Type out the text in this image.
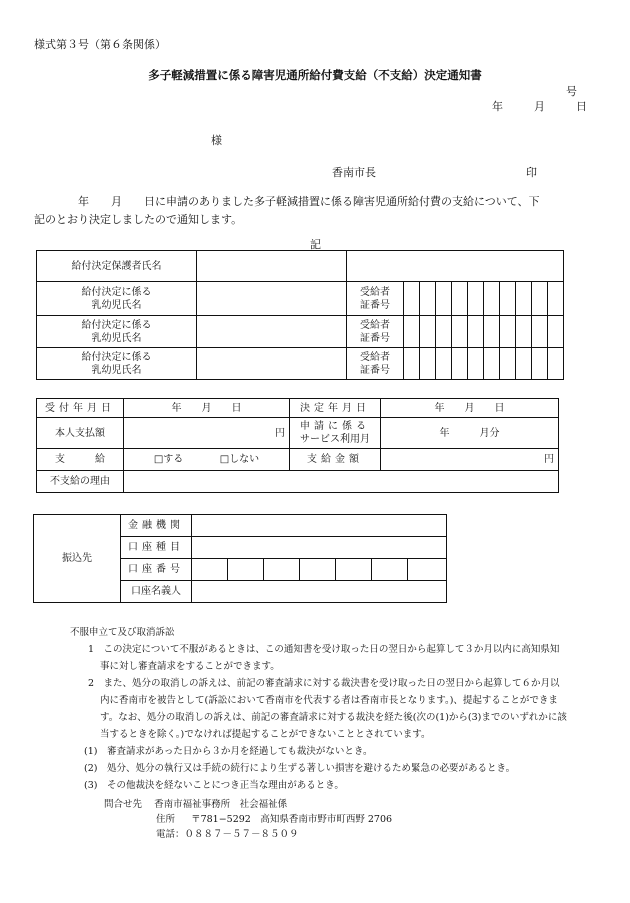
様式第３号（第６条関係）
多子軽減措置に係る障害児通所給付費支給（不支給）決定通知書
号
年	月	日
様
香南市長	印
年　　月　　日に申請のありました多子軽減措置に係る障害児通所給付費の支給について、下
記のとおり決定しましたので通知します。
記
給付決定保護者氏名												
給付決定に係る
乳幼児氏名		受給者
証番号										
給付決定に係る
乳幼児氏名		受給者
証番号										
給付決定に係る
乳幼児氏名		受給者
証番号										
受付年月日	年　　月　　日	決定年月日	年　　月　　日
本人支払額	円	申請に係る
サービス利用月	年　　　月分
支　　　給	□する □しない	支給金額	円
不支給の理由			
振込先	金融機関							
	口座種目							
	口座番号							
	口座名義人							

不服申立て及び取消訴訟

1　この決定について不服があるときは、この通知書を受け取った日の翌日から起算して３か月以内に高知県知

事に対し審査請求をすることができます。

2　また、処分の取消しの訴えは、前記の審査請求に対する裁決書を受け取った日の翌日から起算して６か月以

内に香南市を被告として(訴訟において香南市を代表する者は香南市長となります。)、提起することができま

す。なお、処分の取消しの訴えは、前記の審査請求に対する裁決を経た後(次の(1)から(3)までのいずれかに該

当するときを除く。)でなければ提起することができないこととされています。

(1)　審査請求があった日から３か月を経過しても裁決がないとき。

(2)　処分、処分の執行又は手続の続行により生ずる著しい損害を避けるため緊急の必要があるとき。

(3)　その他裁決を経ないことにつき正当な理由があるとき。

問合せ先 香南市福祉事務所　社会福祉係
住所 〒781−5292　高知県香南市野市町西野 2706
電話：０８８７－５７－８５０９
